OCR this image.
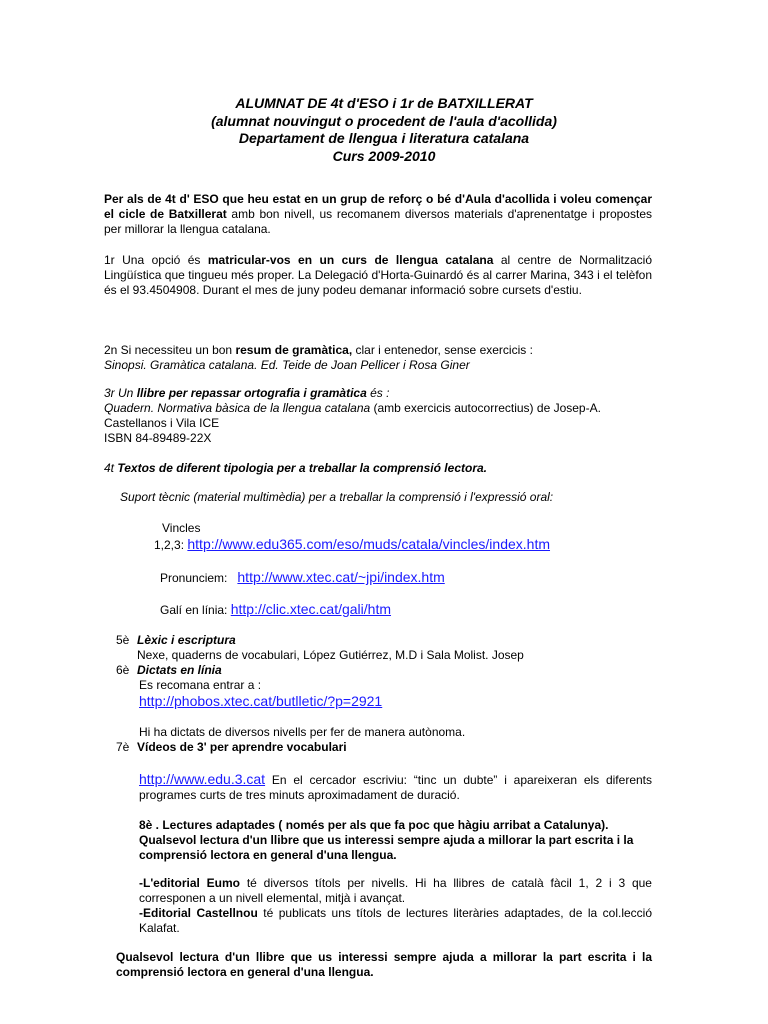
ALUMNAT DE 4t d'ESO i 1r de BATXILLERAT
(alumnat nouvingut o procedent de l'aula d'acollida)
Departament de llengua i literatura catalana
Curs 2009-2010
Per als de 4t d' ESO que heu estat en un grup de reforç o bé d'Aula d'acollida i voleu començar el cicle de Batxillerat amb bon nivell, us recomanem diversos materials d'aprenentatge i propostes per millorar la llengua catalana.
1r Una opció és matricular-vos en un curs de llengua catalana al centre de Normalització Lingüística que tingueu més proper. La Delegació d'Horta-Guinardó és al carrer Marina, 343 i el telèfon és el 93.4504908. Durant el mes de juny podeu demanar informació sobre cursets d'estiu.
2n Si necessiteu un bon resum de gramàtica, clar i entenedor, sense exercicis :
Sinopsi. Gramàtica catalana. Ed. Teide de Joan Pellicer i Rosa Giner
3r Un llibre per repassar ortografia i gramàtica és :
Quadern. Normativa bàsica de la llengua catalana (amb exercicis autocorrectius) de Josep-A. Castellanos i Vila ICE
ISBN 84-89489-22X
4t Textos de diferent tipologia per a treballar la comprensió lectora.
Suport tècnic (material multimèdia) per a treballar la comprensió i l'expressió oral:
Vincles
1,2,3: http://www.edu365.com/eso/muds/catala/vincles/index.htm
Pronunciem: http://www.xtec.cat/~jpi/index.htm
Galí en línia: http://clic.xtec.cat/gali/htm
5è Lèxic i escriptura
Nexe, quaderns de vocabulari, López Gutiérrez, M.D i Sala Molist. Josep
6è Dictats en línia
Es recomana entrar a :
http://phobos.xtec.cat/butlletic/?p=2921
Hi ha dictats de diversos nivells per fer de manera autònoma.
7è Vídeos de 3' per aprendre vocabulari
http://www.edu.3.cat En el cercador escriviu: “tinc un dubte” i apareixeran els diferents programes curts de tres minuts aproximadament de duració.
8è . Lectures adaptades ( només per als que fa poc que hàgiu arribat a Catalunya).
Qualsevol lectura d'un llibre que us interessi sempre ajuda a millorar la part escrita i la comprensió lectora en general d'una llengua.
-L'editorial Eumo té diversos títols per nivells. Hi ha llibres de català fàcil 1, 2 i 3 que corresponen a un nivell elemental, mitjà i avançat.
-Editorial Castellnou té publicats uns títols de lectures literàries adaptades, de la col.lecció Kalafat.
Qualsevol lectura d'un llibre que us interessi sempre ajuda a millorar la part escrita i la comprensió lectora en general d'una llengua.
